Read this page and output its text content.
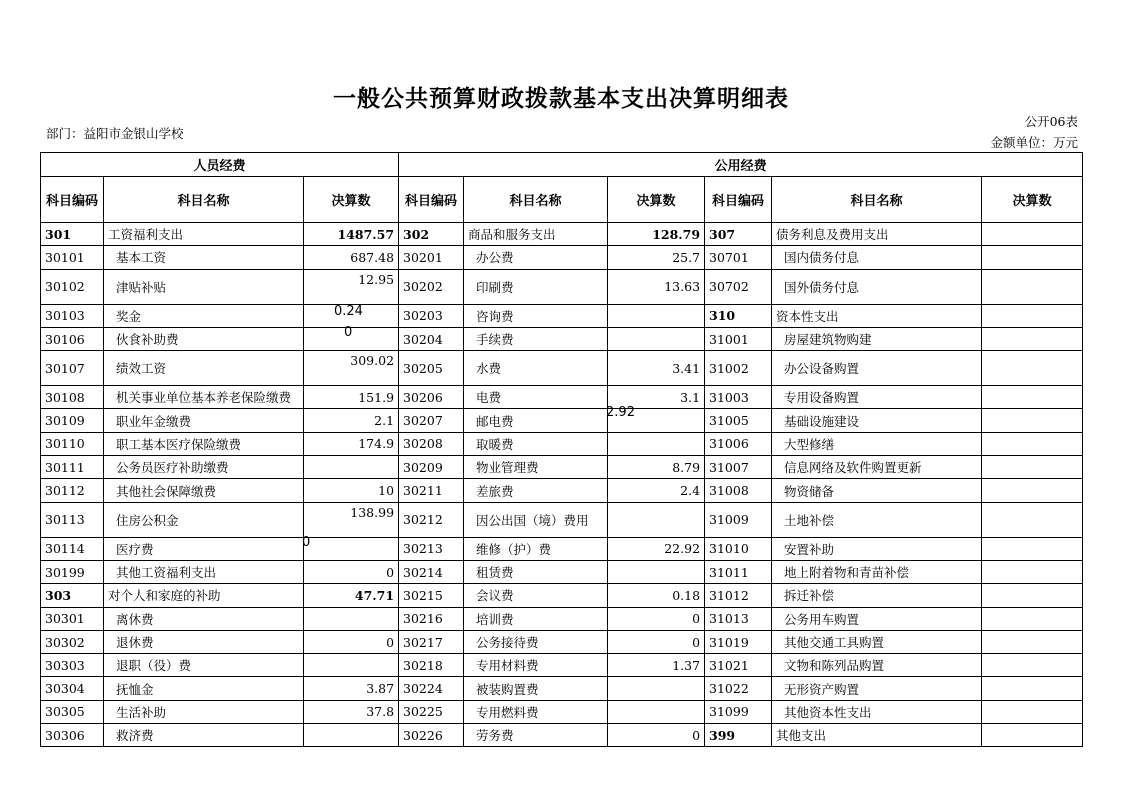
一般公共预算财政拨款基本支出决算明细表
部门：益阳市金银山学校
公开06表
金额单位：万元
人员经费			公用经费					
科目编码	科目名称	决算数	科目编码	科目名称	决算数	科目编码	科目名称	决算数
301	工资福利支出	1487.57	302	商品和服务支出	128.79	307	债务利息及费用支出	
30101	基本工资	687.48	30201	办公费	25.7	30701	国内债务付息	
30102	津贴补贴	12.95	30202	印刷费	13.63	30702	国外债务付息	
30103	奖金	0.24	30203	咨询费		310	资本性支出	
30106	伙食补助费	0	30204	手续费		31001	房屋建筑物购建	
30107	绩效工资	309.02	30205	水费	3.41	31002	办公设备购置	
30108	机关事业单位基本养老保险缴费	151.9	30206	电费	3.1	31003	专用设备购置	
30109	职业年金缴费	2.1	30207	邮电费	2.92	31005	基础设施建设	
30110	职工基本医疗保险缴费	174.9	30208	取暖费		31006	大型修缮	
30111	公务员医疗补助缴费		30209	物业管理费	8.79	31007	信息网络及软件购置更新	
30112	其他社会保障缴费	10	30211	差旅费	2.4	31008	物资储备	
30113	住房公积金	138.99	30212	因公出国（境）费用		31009	土地补偿	
30114	医疗费	0	30213	维修（护）费	22.92	31010	安置补助	
30199	其他工资福利支出	0	30214	租赁费		31011	地上附着物和青苗补偿	
303	对个人和家庭的补助	47.71	30215	会议费	0.18	31012	拆迁补偿	
30301	离休费		30216	培训费	0	31013	公务用车购置	
30302	退休费	0	30217	公务接待费	0	31019	其他交通工具购置	
30303	退职（役）费		30218	专用材料费	1.37	31021	文物和陈列品购置	
30304	抚恤金	3.87	30224	被装购置费		31022	无形资产购置	
30305	生活补助	37.8	30225	专用燃料费		31099	其他资本性支出	
30306	救济费		30226	劳务费	0	399	其他支出	
